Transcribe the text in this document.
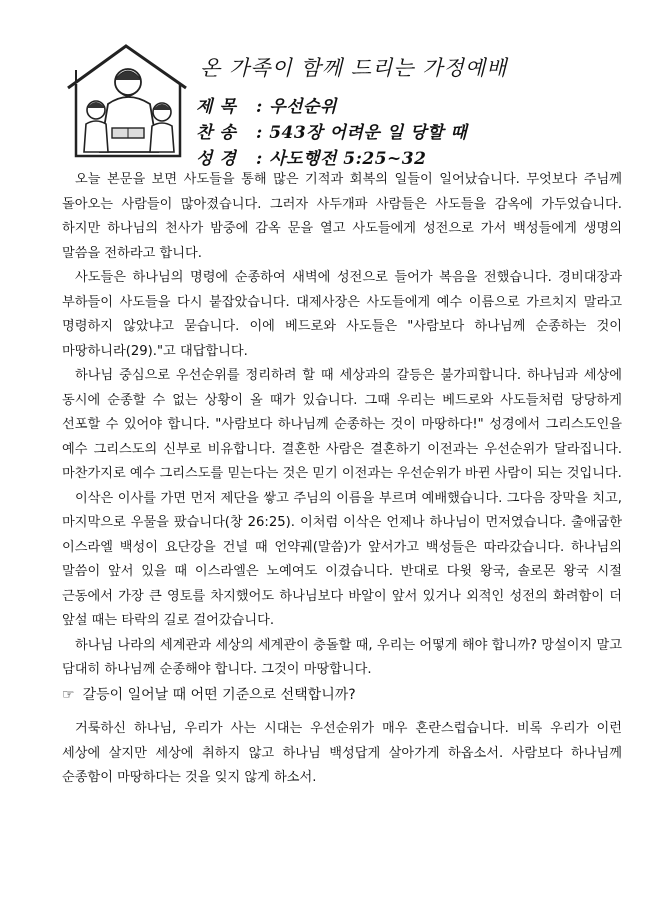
온 가족이 함께 드리는 가정예배
제 목 : 우선순위
찬 송 : 543장 어려운 일 당할 때
성 경 : 사도행전 5:25~32

오늘 본문을 보면 사도들을 통해 많은 기적과 회복의 일들이 일어났습니다. 무엇보다 주님께 돌아오는 사람들이 많아졌습니다. 그러자 사두개파 사람들은 사도들을 감옥에 가두었습니다. 하지만 하나님의 천사가 밤중에 감옥 문을 열고 사도들에게 성전으로 가서 백성들에게 생명의 말씀을 전하라고 합니다.

사도들은 하나님의 명령에 순종하여 새벽에 성전으로 들어가 복음을 전했습니다. 경비대장과 부하들이 사도들을 다시 붙잡았습니다. 대제사장은 사도들에게 예수 이름으로 가르치지 말라고 명령하지 않았냐고 묻습니다. 이에 베드로와 사도들은 "사람보다 하나님께 순종하는 것이 마땅하니라(29)."고 대답합니다.

하나님 중심으로 우선순위를 정리하려 할 때 세상과의 갈등은 불가피합니다. 하나님과 세상에 동시에 순종할 수 없는 상황이 올 때가 있습니다. 그때 우리는 베드로와 사도들처럼 당당하게 선포할 수 있어야 합니다. "사람보다 하나님께 순종하는 것이 마땅하다!" 성경에서 그리스도인을 예수 그리스도의 신부로 비유합니다. 결혼한 사람은 결혼하기 이전과는 우선순위가 달라집니다. 마찬가지로 예수 그리스도를 믿는다는 것은 믿기 이전과는 우선순위가 바뀐 사람이 되는 것입니다.

이삭은 이사를 가면 먼저 제단을 쌓고 주님의 이름을 부르며 예배했습니다. 그다음 장막을 치고, 마지막으로 우물을 팠습니다(창 26:25). 이처럼 이삭은 언제나 하나님이 먼저였습니다. 출애굽한 이스라엘 백성이 요단강을 건널 때 언약궤(말씀)가 앞서가고 백성들은 따라갔습니다. 하나님의 말씀이 앞서 있을 때 이스라엘은 노예여도 이겼습니다. 반대로 다윗 왕국, 솔로몬 왕국 시절 근동에서 가장 큰 영토를 차지했어도 하나님보다 바알이 앞서 있거나 외적인 성전의 화려함이 더 앞설 때는 타락의 길로 걸어갔습니다.

하나님 나라의 세계관과 세상의 세계관이 충돌할 때, 우리는 어떻게 해야 합니까? 망설이지 말고 담대히 하나님께 순종해야 합니다. 그것이 마땅합니다.

☞ 갈등이 일어날 때 어떤 기준으로 선택합니까?

거룩하신 하나님, 우리가 사는 시대는 우선순위가 매우 혼란스럽습니다. 비록 우리가 이런 세상에 살지만 세상에 취하지 않고 하나님 백성답게 살아가게 하옵소서. 사람보다 하나님께 순종함이 마땅하다는 것을 잊지 않게 하소서.
